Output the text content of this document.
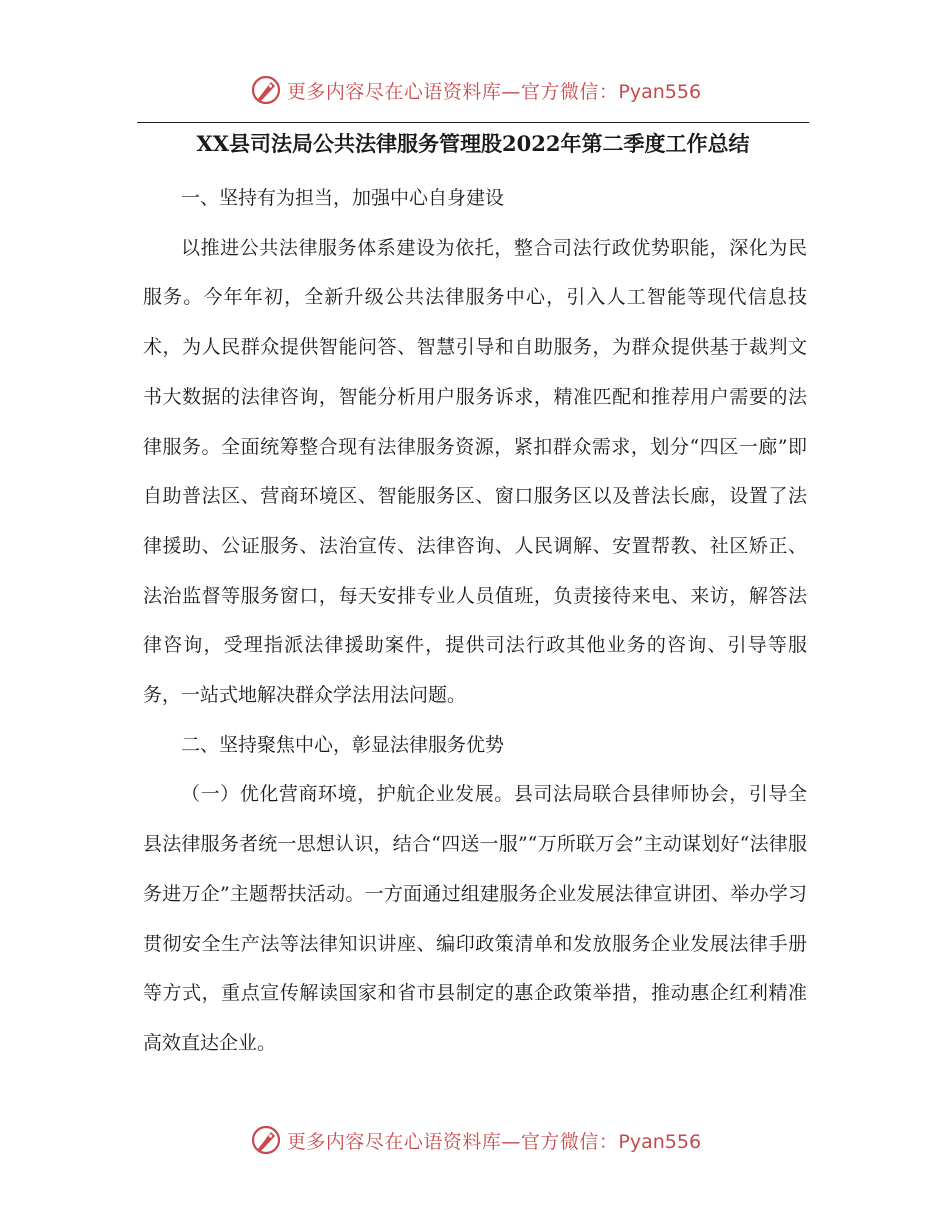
更多内容尽在心语资料库—官方微信：Pyan556
XX县司法局公共法律服务管理股2022年第二季度工作总结

一、坚持有为担当，加强中心自身建设

以推进公共法律服务体系建设为依托，整合司法行政优势职能，深化为民服务。今年年初，全新升级公共法律服务中心，引入人工智能等现代信息技术，为人民群众提供智能问答、智慧引导和自助服务，为群众提供基于裁判文书大数据的法律咨询，智能分析用户服务诉求，精准匹配和推荐用户需要的法律服务。全面统筹整合现有法律服务资源，紧扣群众需求，划分“四区一廊”即自助普法区、营商环境区、智能服务区、窗口服务区以及普法长廊，设置了法律援助、公证服务、法治宣传、法律咨询、人民调解、安置帮教、社区矫正、法治监督等服务窗口，每天安排专业人员值班，负责接待来电、来访，解答法律咨询，受理指派法律援助案件，提供司法行政其他业务的咨询、引导等服务，一站式地解决群众学法用法问题。

二、坚持聚焦中心，彰显法律服务优势

（一）优化营商环境，护航企业发展。县司法局联合县律师协会，引导全县法律服务者统一思想认识，结合“四送一服”“万所联万会”主动谋划好“法律服务进万企”主题帮扶活动。一方面通过组建服务企业发展法律宣讲团、举办学习贯彻安全生产法等法律知识讲座、编印政策清单和发放服务企业发展法律手册等方式，重点宣传解读国家和省市县制定的惠企政策举措，推动惠企红利精准高效直达企业。

更多内容尽在心语资料库—官方微信：Pyan556
